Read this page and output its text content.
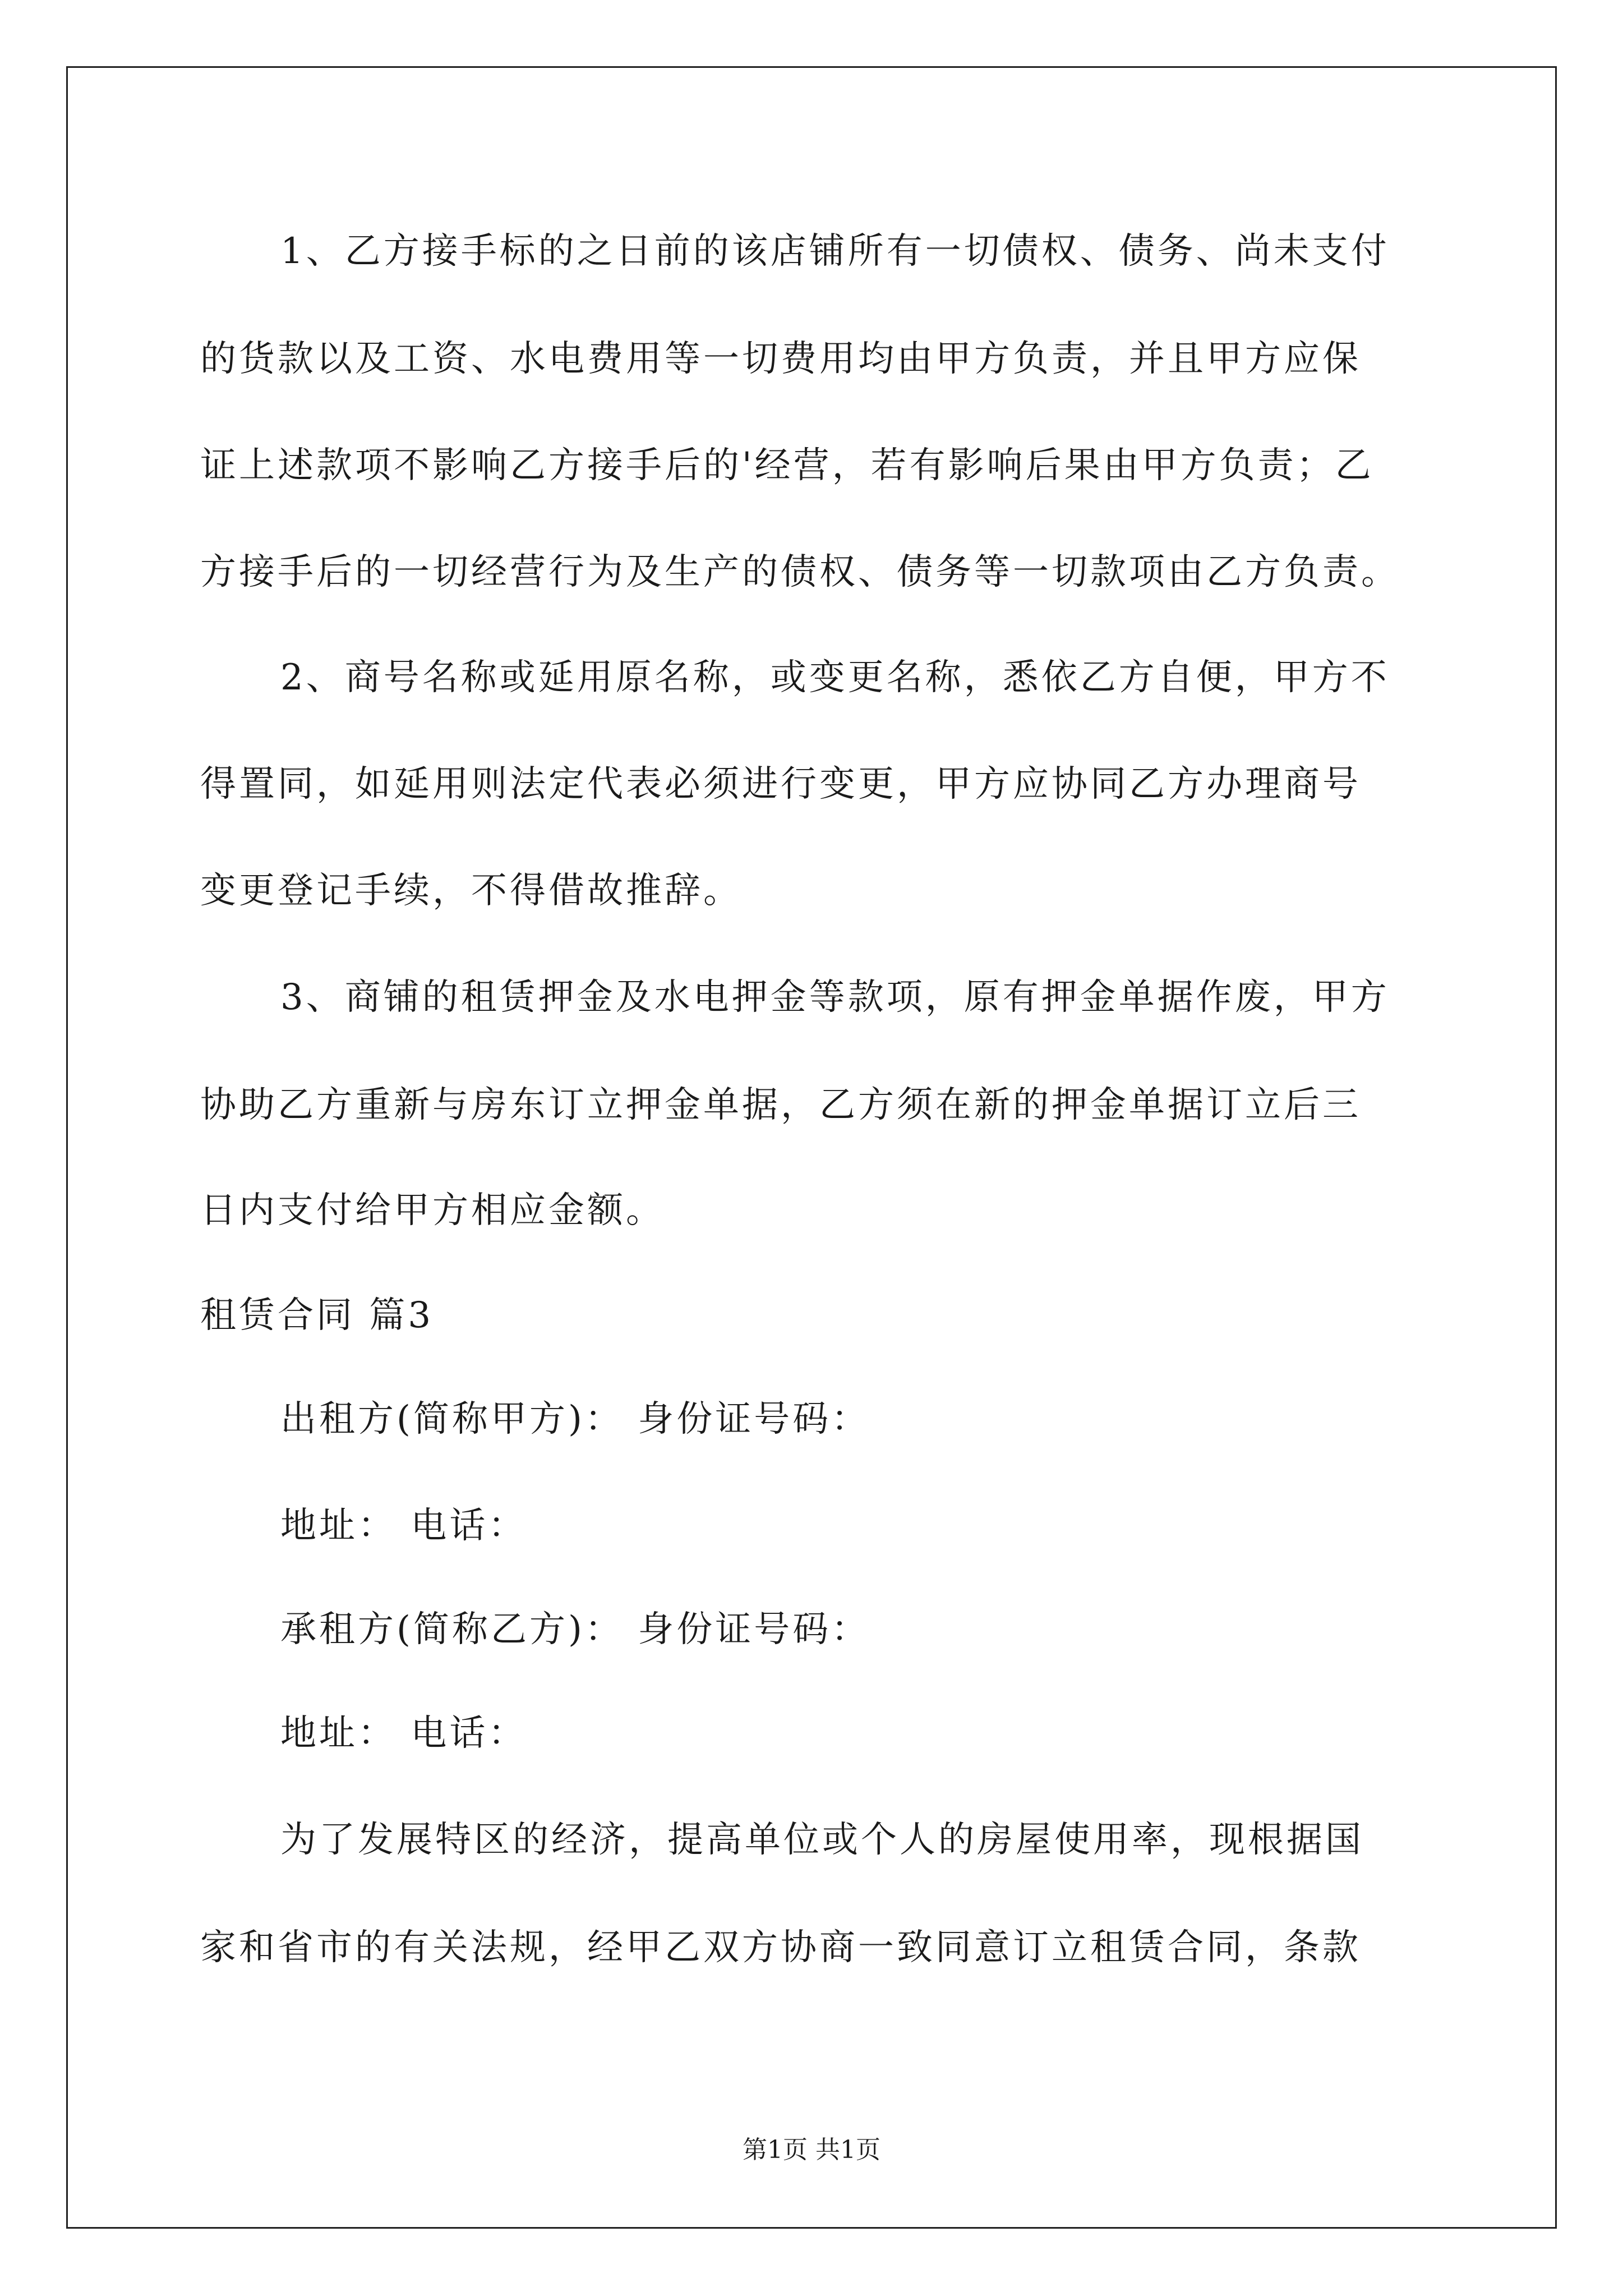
1、乙方接手标的之日前的该店铺所有一切债权、债务、尚未支付
的货款以及工资、水电费用等一切费用均由甲方负责，并且甲方应保
证上述款项不影响乙方接手后的'经营，若有影响后果由甲方负责；乙
方接手后的一切经营行为及生产的债权、债务等一切款项由乙方负责。
2、商号名称或延用原名称，或变更名称，悉依乙方自便，甲方不
得置同，如延用则法定代表必须进行变更，甲方应协同乙方办理商号
变更登记手续，不得借故推辞。
3、商铺的租赁押金及水电押金等款项，原有押金单据作废，甲方
协助乙方重新与房东订立押金单据，乙方须在新的押金单据订立后三
日内支付给甲方相应金额。
租赁合同 篇3
出租方(简称甲方)： 身份证号码：
地址： 电话：
承租方(简称乙方)： 身份证号码：
地址： 电话：
为了发展特区的经济，提高单位或个人的房屋使用率，现根据国
家和省市的有关法规，经甲乙双方协商一致同意订立租赁合同，条款
第1页 共1页
